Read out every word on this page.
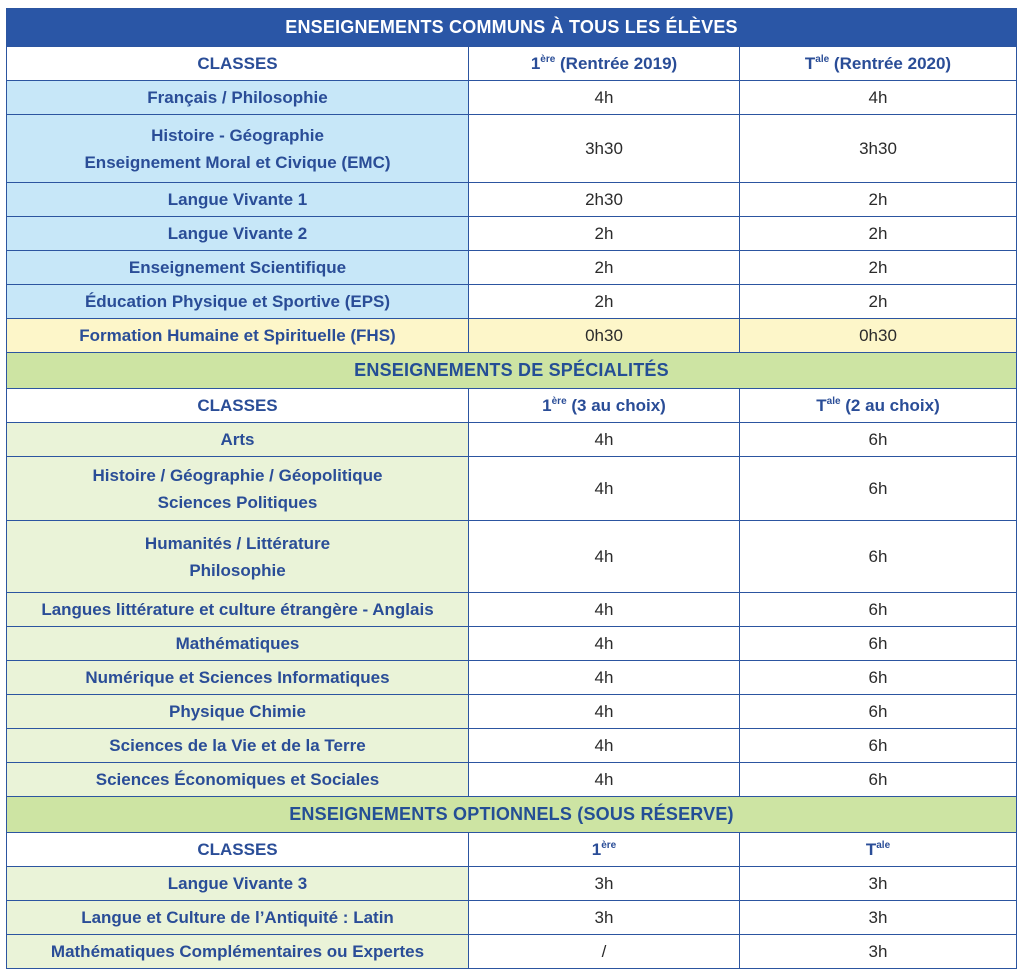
ENSEIGNEMENTS COMMUNS À TOUS LES ÉLÈVES		
CLASSES	1ère (Rentrée 2019)	$T^{ale}$ (Rentrée 2020)
Français / Philosophie	4h	4h

Histoire - Géographie
Enseignement Moral et Civique (EMC)	3h30	3h30
Langue Vivante 1	2h30	2h
Langue Vivante 2	2h	2h
Enseignement Scientifique	2h	2h
Éducation Physique et Sportive (EPS)	2h	2h
Formation Humaine et Spirituelle (FHS)	0h30	0h30
ENSEIGNEMENTS DE SPÉCIALITÉS		
CLASSES	1ère (3 au choix)	$T^{ale}$ (2 au choix)
Arts	4h	6h

Histoire / Géographie / Géopolitique
Sciences Politiques	4h	6h

Humanités / Littérature
Philosophie	4h	6h
Langues littérature et culture étrangère - Anglais	4h	6h
Mathématiques	4h	6h
Numérique et Sciences Informatiques	4h	6h
Physique Chimie	4h	6h
Sciences de la Vie et de la Terre	4h	6h
Sciences Économiques et Sociales	4h	6h
ENSEIGNEMENTS OPTIONNELS (SOUS RÉSERVE)		
CLASSES	1ère	$T^{ale}$
Langue Vivante 3	3h	3h
Langue et Culture de l’Antiquité : Latin	3h	3h
Mathématiques Complémentaires ou Expertes	/	3h
